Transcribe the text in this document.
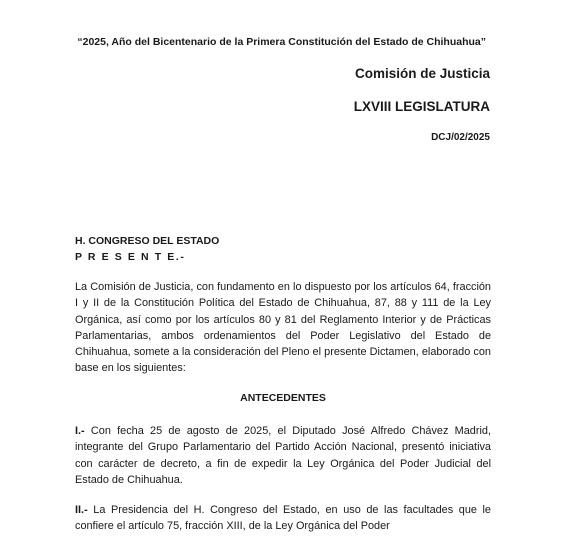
“2025, Año del Bicentenario de la Primera Constitución del Estado de Chihuahua”
Comisión de Justicia
LXVIII LEGISLATURA
DCJ/02/2025
H. CONGRESO DEL ESTADO
P R E S E N T E.-

La Comisión de Justicia, con fundamento en lo dispuesto por los artículos 64, fracción I y II de la Constitución Política del Estado de Chihuahua, 87, 88 y 111 de la Ley Orgánica, así como por los artículos 80 y 81 del Reglamento Interior y de Prácticas Parlamentarias, ambos ordenamientos del Poder Legislativo del Estado de Chihuahua, somete a la consideración del Pleno el presente Dictamen, elaborado con base en los siguientes:

ANTECEDENTES

I.- Con fecha 25 de agosto de 2025, el Diputado José Alfredo Chávez Madrid, integrante del Grupo Parlamentario del Partido Acción Nacional, presentó iniciativa con carácter de decreto, a fin de expedir la Ley Orgánica del Poder Judicial del Estado de Chihuahua.

II.- La Presidencia del H. Congreso del Estado, en uso de las facultades que le confiere el artículo 75, fracción XIII, de la Ley Orgánica del Poder
